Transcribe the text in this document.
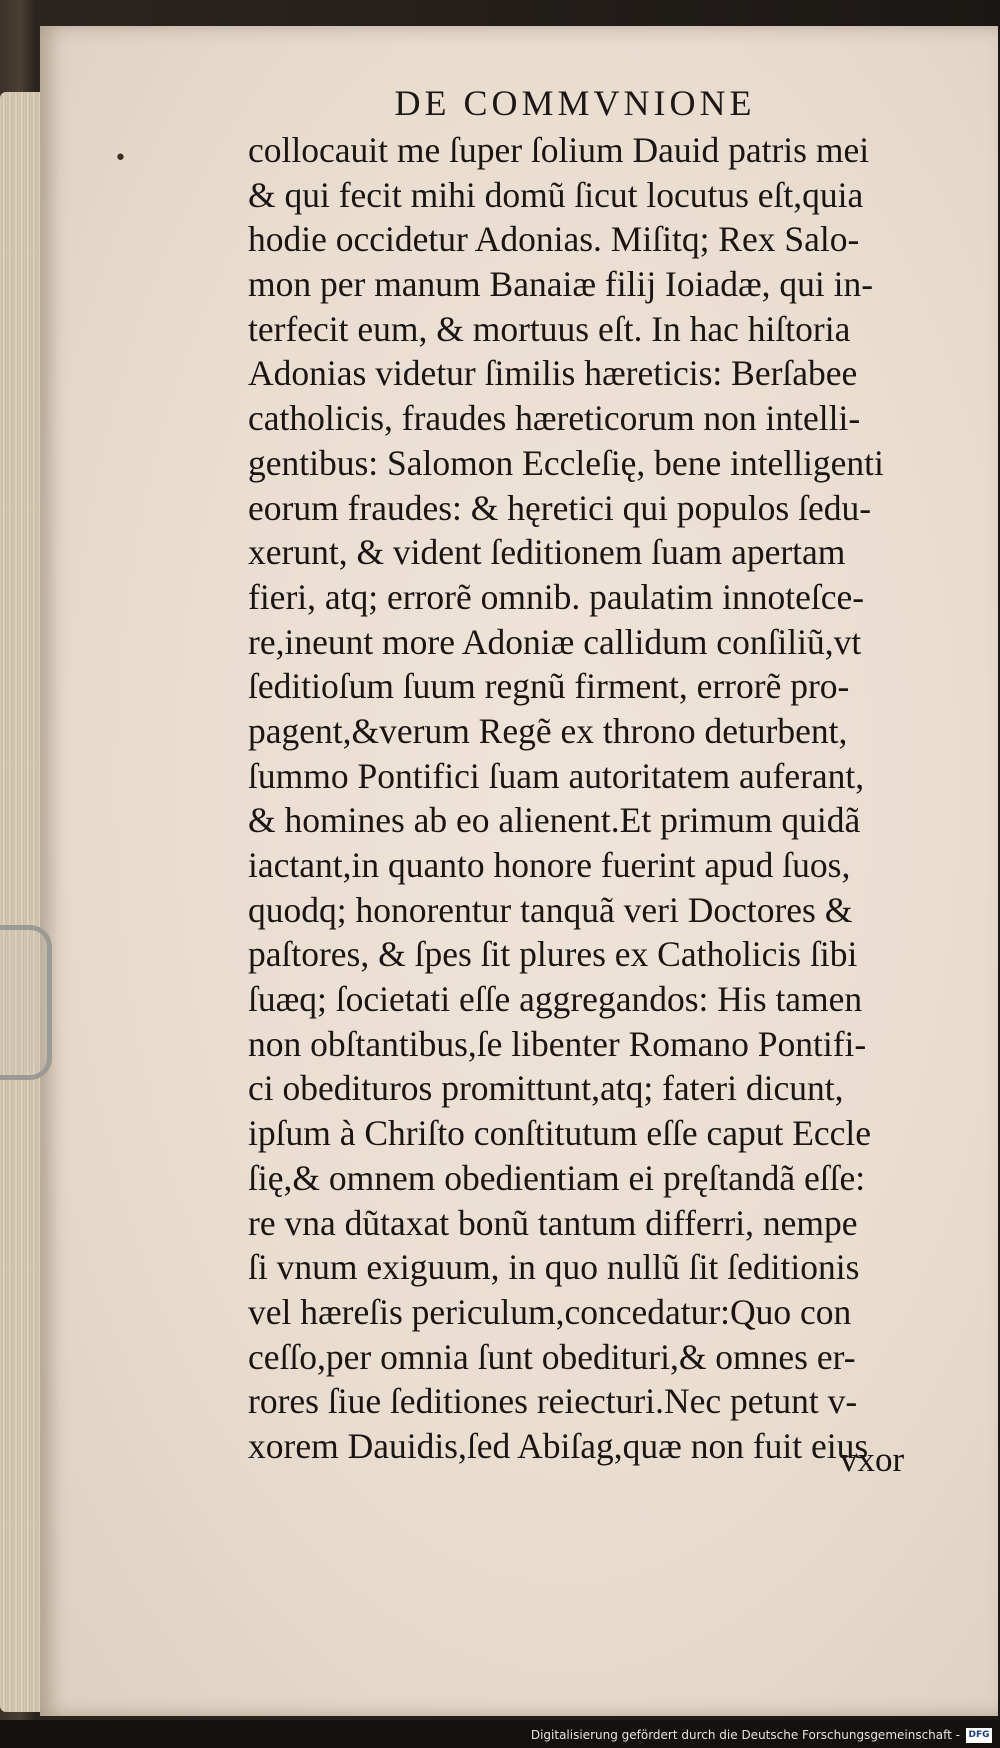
DE COMMVNIONE
•	collocauit me ſuper ſolium Dauid patris mei
& qui fecit mihi domũ ſicut locutus eſt,quia
hodie occidetur Adonias. Miſitq; Rex Salo-
mon per manum Banaiæ filij Ioiadæ, qui in-
terfecit eum, & mortuus eſt. In hac hiſtoria
Adonias videtur ſimilis hæreticis: Berſabee
catholicis, fraudes hæreticorum non intelli-
gentibus: Salomon Eccleſię, bene intelligenti
eorum fraudes: & hęretici qui populos ſedu-
xerunt, & vident ſeditionem ſuam apertam
fieri, atq; errorẽ omnib. paulatim innoteſce-
re,ineunt more Adoniæ callidum conſiliũ,vt
ſeditioſum ſuum regnũ firment, errorẽ pro-
pagent,&verum Regẽ ex throno deturbent,
ſummo Pontifici ſuam autoritatem auferant,
& homines ab eo alienent.Et primum quidã
iactant,in quanto honore fuerint apud ſuos,
quodq; honorentur tanquã veri Doctores &
paſtores, & ſpes ſit plures ex Catholicis ſibi
ſuæq; ſocietati eſſe aggregandos: His tamen
non obſtantibus,ſe libenter Romano Pontifi-
ci obedituros promittunt,atq; fateri dicunt,
ipſum à Chriſto conſtitutum eſſe caput Eccle
ſię,& omnem obedientiam ei pręſtandã eſſe:
re vna dũtaxat bonũ tantum differri, nempe
ſi vnum exiguum, in quo nullũ ſit ſeditionis
vel hæreſis periculum,concedatur:Quo con
ceſſo,per omnia ſunt obedituri,& omnes er-
rores ſiue ſeditiones reiecturi.Nec petunt v-
xorem Dauidis,ſed Abiſag,quæ non fuit eius
vxor
Digitalisierung gefördert durch die Deutsche Forschungsgemeinschaft - DFG
